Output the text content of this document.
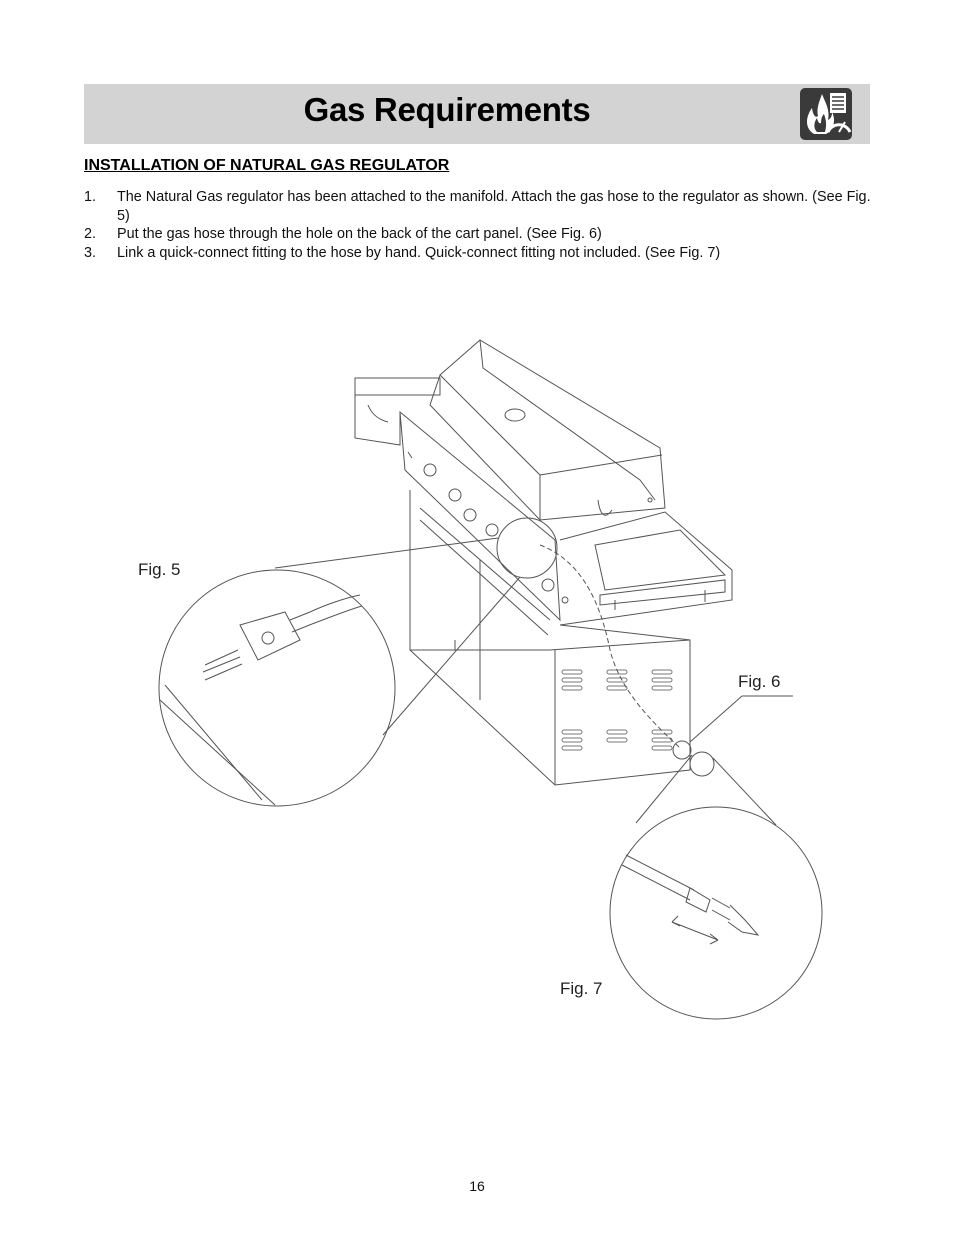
Gas Requirements
INSTALLATION OF NATURAL GAS REGULATOR
1. The Natural Gas regulator has been attached to the manifold. Attach the gas hose to the regulator as shown. (See Fig. 5)
2. Put the gas hose through the hole on the back of the cart panel. (See Fig. 6)
3. Link a quick-connect fitting to the hose by hand. Quick-connect fitting not included. (See Fig. 7)
Fig. 5
Fig. 6
Fig. 7
16
